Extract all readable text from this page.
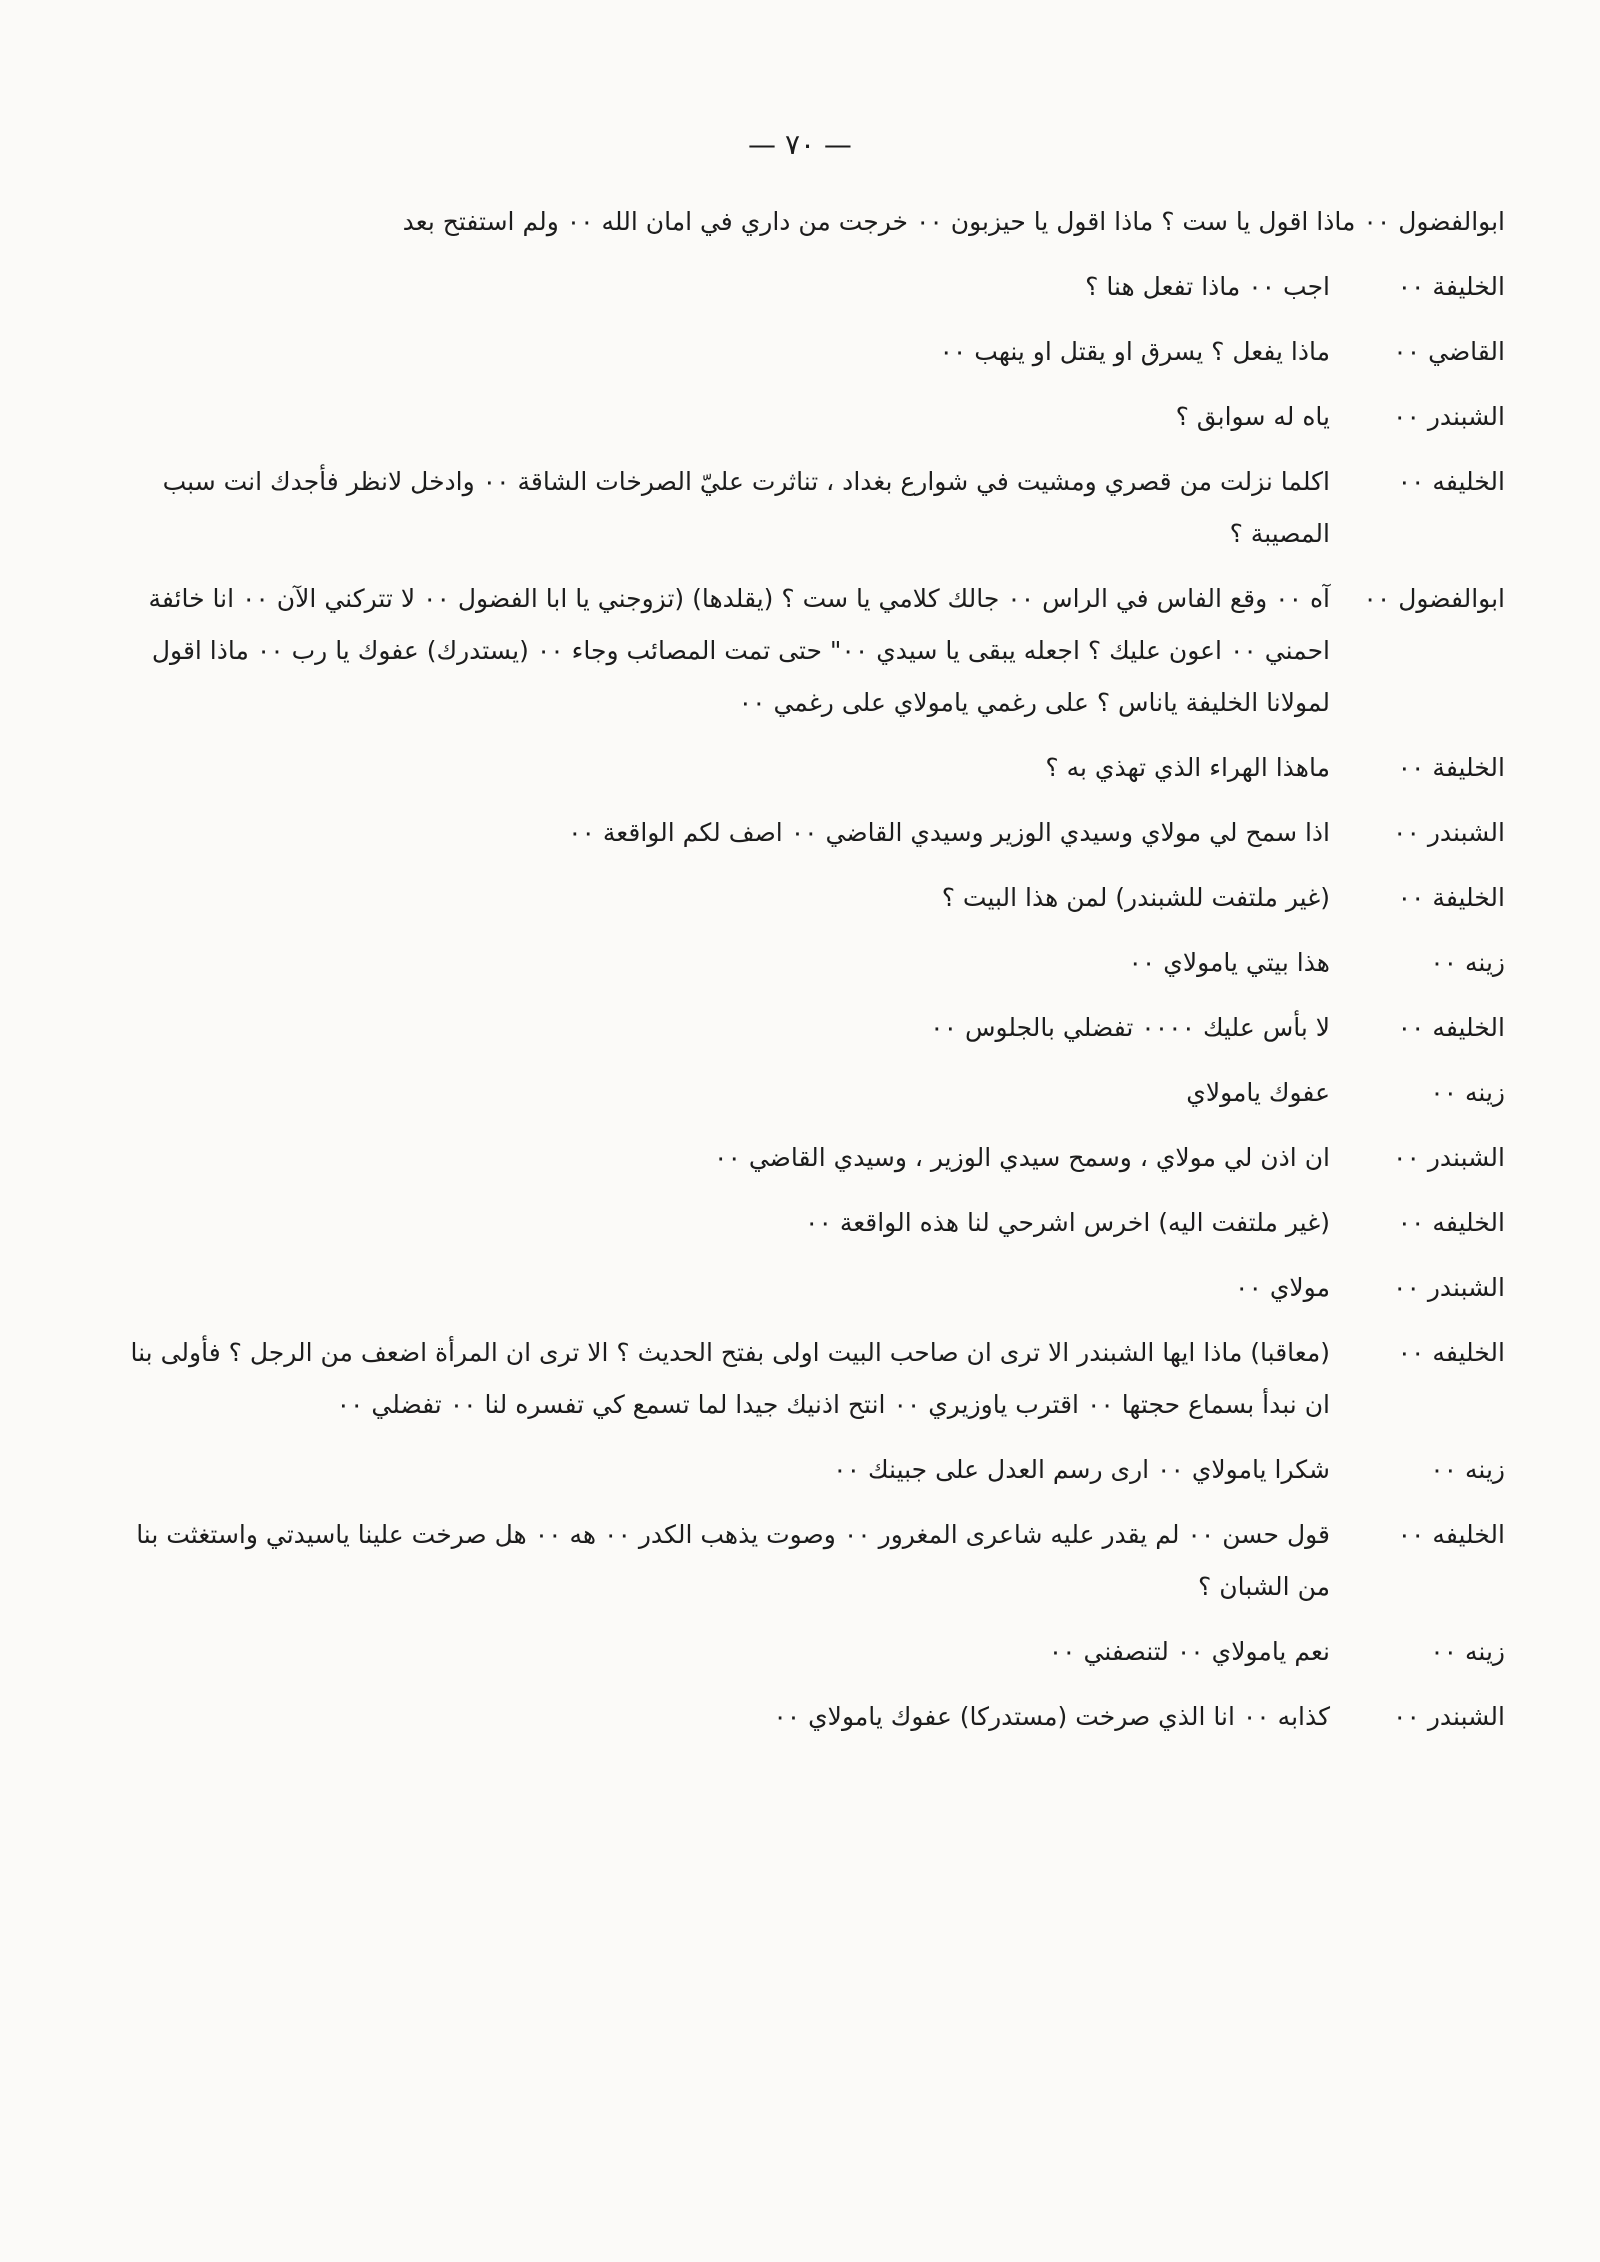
— ٧٠ —
ابوالفضول ٠٠
ماذا اقول يا ست ؟ ماذا اقول يا حيزبون ٠٠ خرجت من داري في امان الله ٠٠ ولم استفتح بعد
الخليفة ٠٠
اجب ٠٠ ماذا تفعل هنا ؟
القاضي ٠٠
ماذا يفعل ؟ يسرق او يقتل او ينهب ٠٠
الشبندر ٠٠
ياه له سوابق ؟
الخليفه ٠٠
اكلما نزلت من قصري ومشيت في شوارع بغداد ، تناثرت عليّ الصرخات الشاقة ٠٠ وادخل لانظر فأجدك انت سبب المصيبة ؟
ابوالفضول ٠٠
آه ٠٠ وقع الفاس في الراس ٠٠ جالك كلامي يا ست ؟ (يقلدها) (تزوجني يا ابا الفضول ٠٠ لا تتركني الآن ٠٠ انا خائفة احمني ٠٠ اعون عليك ؟ اجعله يبقى يا سيدي ٠٠" حتى تمت المصائب وجاء ٠٠ (يستدرك) عفوك يا رب ٠٠ ماذا اقول لمولانا الخليفة ياناس ؟ على رغمي يامولاي على رغمي ٠٠
الخليفة ٠٠
ماهذا الهراء الذي تهذي به ؟
الشبندر ٠٠
اذا سمح لي مولاي وسيدي الوزير وسيدي القاضي ٠٠ اصف لكم الواقعة ٠٠
الخليفة ٠٠
(غير ملتفت للشبندر) لمن هذا البيت ؟
زينه ٠٠
هذا بيتي يامولاي ٠٠
الخليفه ٠٠
لا بأس عليك ٠٠٠٠ تفضلي بالجلوس ٠٠
زينه ٠٠
عفوك يامولاي
الشبندر ٠٠
ان اذن لي مولاي ، وسمح سيدي الوزير ، وسيدي القاضي ٠٠
الخليفه ٠٠
(غير ملتفت اليه) اخرس اشرحي لنا هذه الواقعة ٠٠
الشبندر ٠٠
مولاي ٠٠
الخليفه ٠٠
(معاقبا) ماذا ايها الشبندر الا ترى ان صاحب البيت اولى بفتح الحديث ؟ الا ترى ان المرأة اضعف من الرجل ؟ فأولى بنا ان نبدأ بسماع حجتها ٠٠ اقترب ياوزيري ٠٠ انتح اذنيك جيدا لما تسمع كي تفسره لنا ٠٠ تفضلي ٠٠
زينه ٠٠
شكرا يامولاي ٠٠ ارى رسم العدل على جبينك ٠٠
الخليفه ٠٠
قول حسن ٠٠ لم يقدر عليه شاعرى المغرور ٠٠ وصوت يذهب الكدر ٠٠ هه ٠٠ هل صرخت علينا ياسيدتي واستغثت بنا من الشبان ؟
زينه ٠٠
نعم يامولاي ٠٠ لتنصفني ٠٠
الشبندر ٠٠
كذابه ٠٠ انا الذي صرخت (مستدركا) عفوك يامولاي ٠٠
